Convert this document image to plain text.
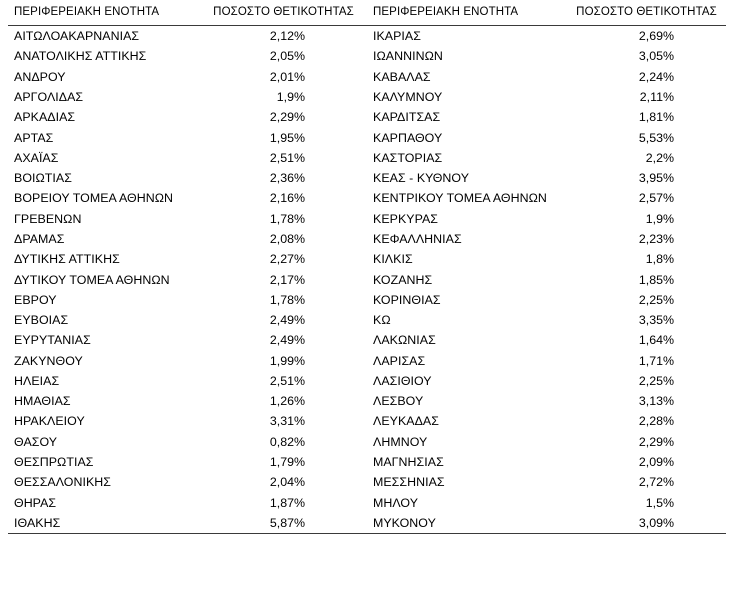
ΠΕΡΙΦΕΡΕΙΑΚΗ ΕΝΟΤΗΤΑ	ΠΟΣΟΣΤΟ ΘΕΤΙΚΟΤΗΤΑΣ	ΠΕΡΙΦΕΡΕΙΑΚΗ ΕΝΟΤΗΤΑ	ΠΟΣΟΣΤΟ ΘΕΤΙΚΟΤΗΤΑΣ
ΑΙΤΩΛΟΑΚΑΡΝΑΝΙΑΣ	2,12%	ΙΚΑΡΙΑΣ	2,69%
ΑΝΑΤΟΛΙΚΗΣ ΑΤΤΙΚΗΣ	2,05%	ΙΩΑΝΝΙΝΩΝ	3,05%
ΑΝΔΡΟΥ	2,01%	ΚΑΒΑΛΑΣ	2,24%
ΑΡΓΟΛΙΔΑΣ	1,9%	ΚΑΛΥΜΝΟΥ	2,11%
ΑΡΚΑΔΙΑΣ	2,29%	ΚΑΡΔΙΤΣΑΣ	1,81%
ΑΡΤΑΣ	1,95%	ΚΑΡΠΑΘΟΥ	5,53%
ΑΧΑΪΑΣ	2,51%	ΚΑΣΤΟΡΙΑΣ	2,2%
ΒΟΙΩΤΙΑΣ	2,36%	ΚΕΑΣ - ΚΥΘΝΟΥ	3,95%
ΒΟΡΕΙΟΥ ΤΟΜΕΑ ΑΘΗΝΩΝ	2,16%	ΚΕΝΤΡΙΚΟΥ ΤΟΜΕΑ ΑΘΗΝΩΝ	2,57%
ΓΡΕΒΕΝΩΝ	1,78%	ΚΕΡΚΥΡΑΣ	1,9%
ΔΡΑΜΑΣ	2,08%	ΚΕΦΑΛΛΗΝΙΑΣ	2,23%
ΔΥΤΙΚΗΣ ΑΤΤΙΚΗΣ	2,27%	ΚΙΛΚΙΣ	1,8%
ΔΥΤΙΚΟΥ ΤΟΜΕΑ ΑΘΗΝΩΝ	2,17%	ΚΟΖΑΝΗΣ	1,85%
ΕΒΡΟΥ	1,78%	ΚΟΡΙΝΘΙΑΣ	2,25%
ΕΥΒΟΙΑΣ	2,49%	ΚΩ	3,35%
ΕΥΡΥΤΑΝΙΑΣ	2,49%	ΛΑΚΩΝΙΑΣ	1,64%
ΖΑΚΥΝΘΟΥ	1,99%	ΛΑΡΙΣΑΣ	1,71%
ΗΛΕΙΑΣ	2,51%	ΛΑΣΙΘΙΟΥ	2,25%
ΗΜΑΘΙΑΣ	1,26%	ΛΕΣΒΟΥ	3,13%
ΗΡΑΚΛΕΙΟΥ	3,31%	ΛΕΥΚΑΔΑΣ	2,28%
ΘΑΣΟΥ	0,82%	ΛΗΜΝΟΥ	2,29%
ΘΕΣΠΡΩΤΙΑΣ	1,79%	ΜΑΓΝΗΣΙΑΣ	2,09%
ΘΕΣΣΑΛΟΝΙΚΗΣ	2,04%	ΜΕΣΣΗΝΙΑΣ	2,72%
ΘΗΡΑΣ	1,87%	ΜΗΛΟΥ	1,5%
ΙΘΑΚΗΣ	5,87%	ΜΥΚΟΝΟΥ	3,09%
